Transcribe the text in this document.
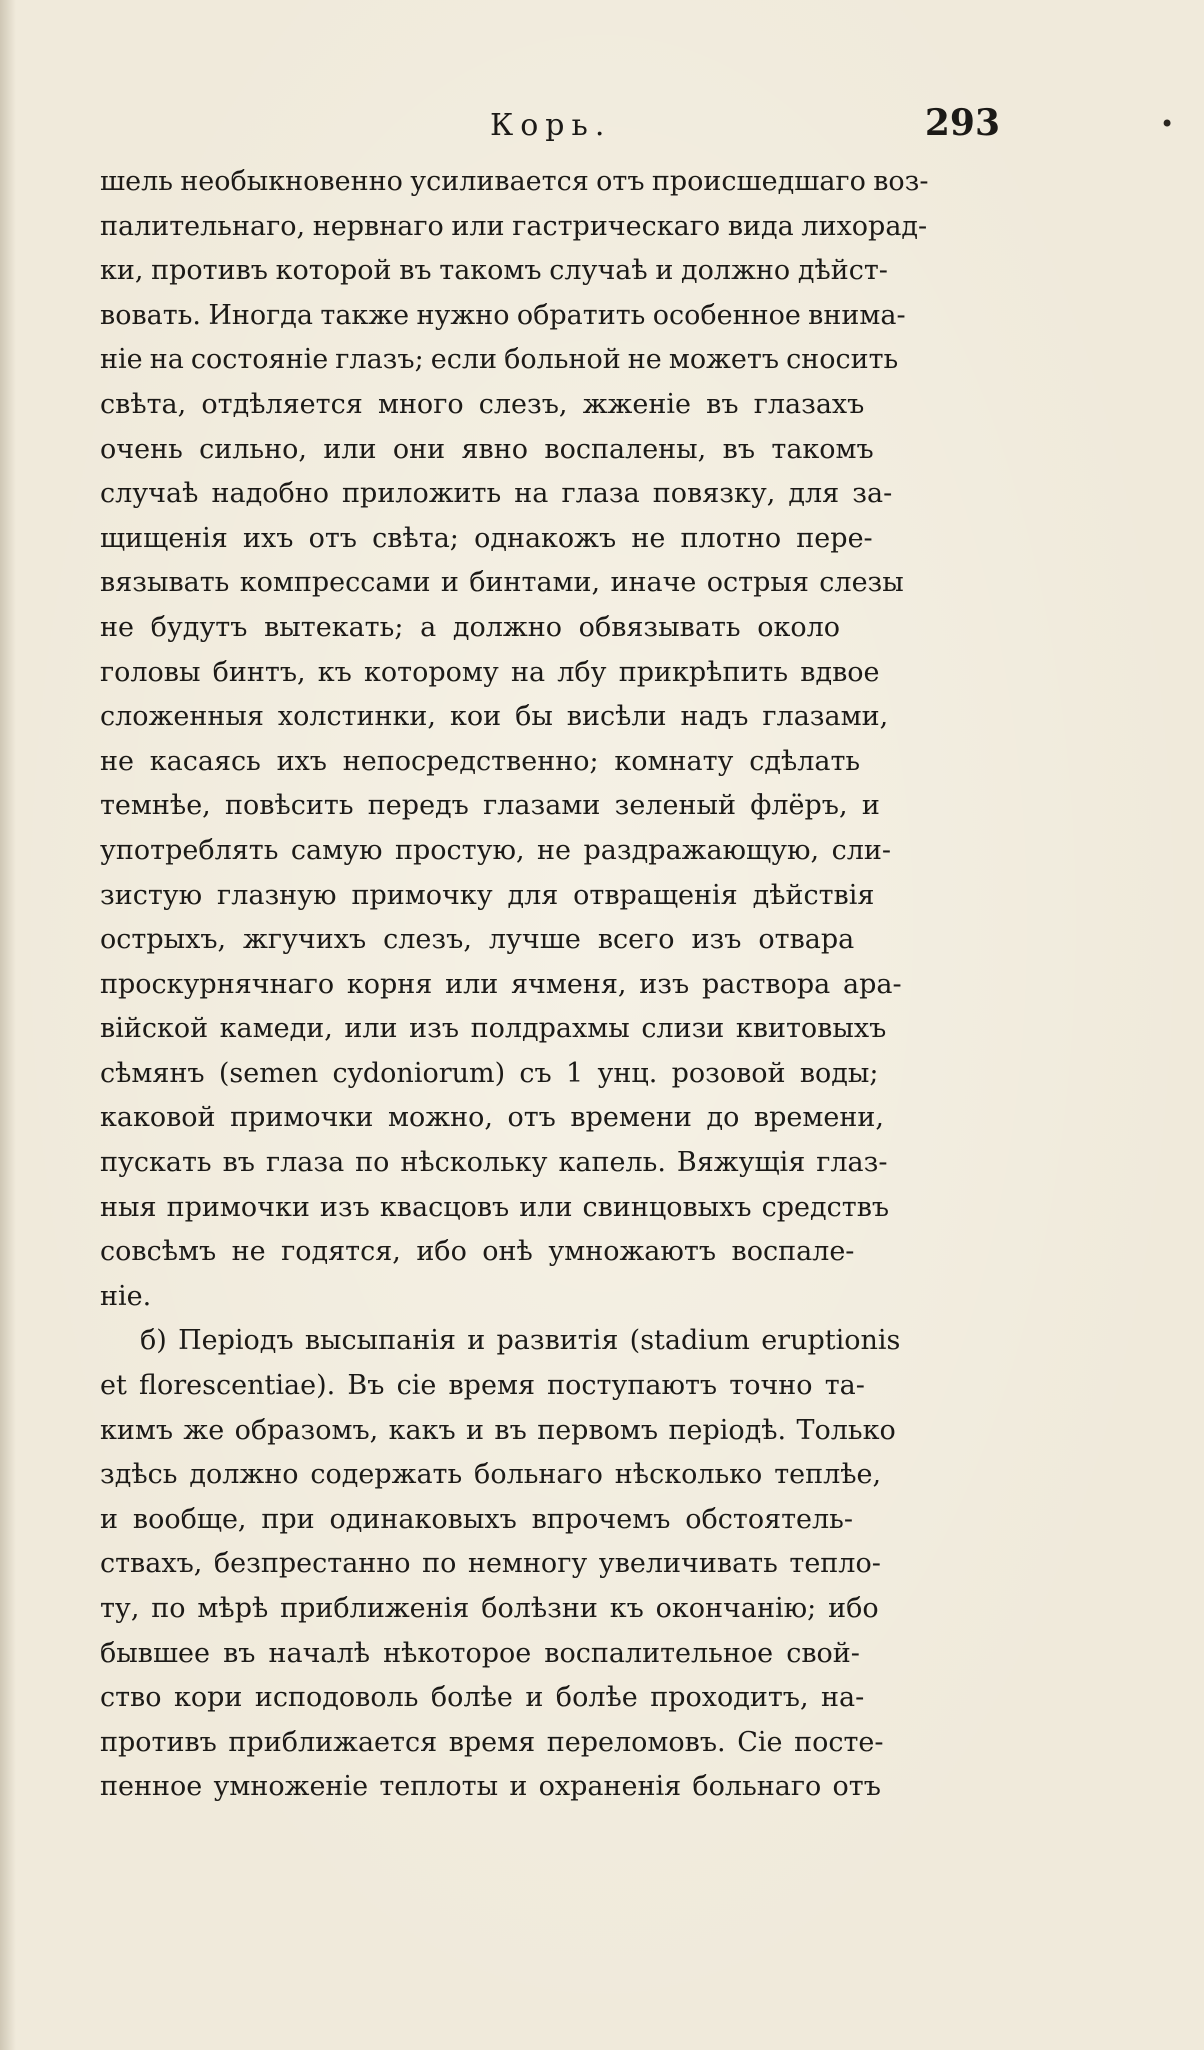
Корь.	293	•
шель необыкновенно усиливается отъ происшедшаго воз-
палительнаго, нервнаго или гастрическаго вида лихорад-
ки, противъ которой въ такомъ случаѣ и должно дѣйст-
вовать. Иногда также нужно обратить особенное внима-
ніе на состояніе глазъ; если больной не можетъ сносить
свѣта, отдѣляется много слезъ, жженіе въ глазахъ
очень сильно, или они явно воспалены, въ такомъ
случаѣ надобно приложить на глаза повязку, для за-
щищенія ихъ отъ свѣта; однакожъ не плотно пере-
вязывать компрессами и бинтами, иначе острыя слезы
не будутъ вытекать; а должно обвязывать около
головы бинтъ, къ которому на лбу прикрѣпить вдвое
сложенныя холстинки, кои бы висѣли надъ глазами,
не касаясь ихъ непосредственно; комнату сдѣлать
темнѣе, повѣсить передъ глазами зеленый флёръ, и
употреблять самую простую, не раздражающую, сли-
зистую глазную примочку для отвращенія дѣйствія
острыхъ, жгучихъ слезъ, лучше всего изъ отвара
проскурнячнаго корня или ячменя, изъ раствора ара-
війской камеди, или изъ полдрахмы слизи квитовыхъ
сѣмянъ (semen cydoniorum) съ 1 унц. розовой воды;
каковой примочки можно, отъ времени до времени,
пускать въ глаза по нѣскольку капель. Вяжущія глаз-
ныя примочки изъ квасцовъ или свинцовыхъ средствъ
совсѣмъ не годятся, ибо онѣ умножаютъ воспале-
ніе.
б) Періодъ высыпанія и развитія (stadium eruptionis
et florescentiae). Въ сіе время поступаютъ точно та-
кимъ же образомъ, какъ и въ первомъ періодѣ. Только
здѣсь должно содержать больнаго нѣсколько теплѣе,
и вообще, при одинаковыхъ впрочемъ обстоятель-
ствахъ, безпрестанно по немногу увеличивать тепло-
ту, по мѣрѣ приближенія болѣзни къ окончанію; ибо
бывшее въ началѣ нѣкоторое воспалительное свой-
ство кори исподоволь болѣе и болѣе проходитъ, на-
противъ приближается время переломовъ. Сіе посте-
пенное умноженіе теплоты и охраненія больнаго отъ
